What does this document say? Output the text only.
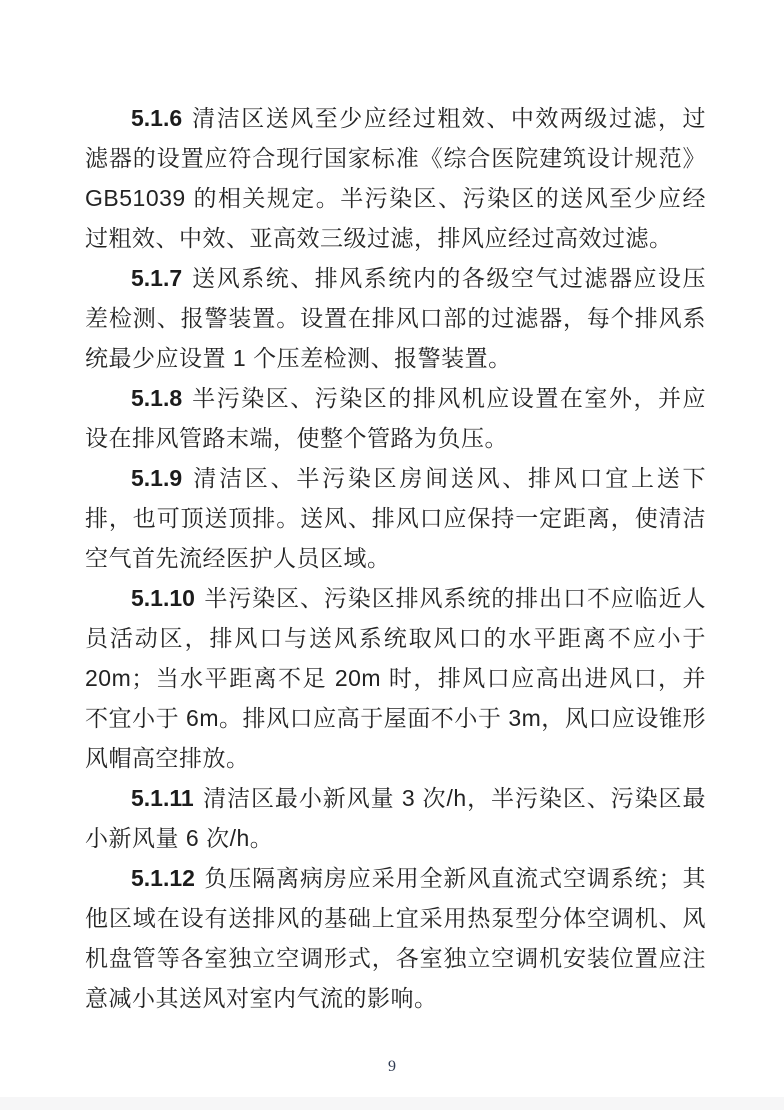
5.1.6 清洁区送风至少应经过粗效、中效两级过滤，过滤器的设置应符合现行国家标准《综合医院建筑设计规范》GB51039 的相关规定。半污染区、污染区的送风至少应经过粗效、中效、亚高效三级过滤，排风应经过高效过滤。

5.1.7 送风系统、排风系统内的各级空气过滤器应设压差检测、报警装置。设置在排风口部的过滤器，每个排风系统最少应设置 1 个压差检测、报警装置。

5.1.8 半污染区、污染区的排风机应设置在室外，并应设在排风管路末端，使整个管路为负压。

5.1.9 清洁区、半污染区房间送风、排风口宜上送下排，也可顶送顶排。送风、排风口应保持一定距离，使清洁空气首先流经医护人员区域。

5.1.10 半污染区、污染区排风系统的排出口不应临近人员活动区，排风口与送风系统取风口的水平距离不应小于 20m；当水平距离不足 20m 时，排风口应高出进风口，并不宜小于 6m。排风口应高于屋面不小于 3m，风口应设锥形风帽高空排放。

5.1.11 清洁区最小新风量 3 次/h，半污染区、污染区最小新风量 6 次/h。

5.1.12 负压隔离病房应采用全新风直流式空调系统；其他区域在设有送排风的基础上宜采用热泵型分体空调机、风机盘管等各室独立空调形式，各室独立空调机安装位置应注意减小其送风对室内气流的影响。

9
